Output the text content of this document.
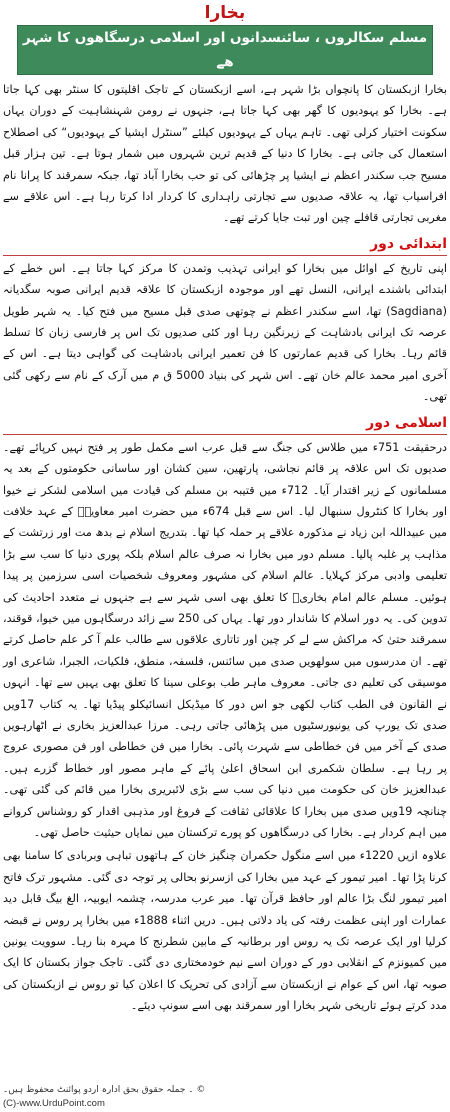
بخارا
مسلم سکالروں ، سائنسدانوں اور اسلامی درسگاھوں کا شہر ھے

بخارا ازبکستان کا پانچواں بڑا شہر ہے، اسے ازبکستان کے تاجک اقلیتوں کا سنٹر بھی کہا جاتا ہے۔ بخارا کو یہودیوں کا گھر بھی کہا جاتا ہے، جنہوں نے رومن شہنشاہیت کے دوران یہاں سکونت اختیار کرلی تھی۔ تاہم یہاں کے یہودیوں کیلئے ”سنٹرل ایشیا کے یہودیوں“ کی اصطلاح استعمال کی جاتی ہے۔ بخارا کا دنیا کے قدیم ترین شہروں میں شمار ہوتا ہے۔ تین ہزار قبل مسیح جب سکندر اعظم نے ایشیا پر چڑھائی کی تو حب بخارا آباد تھا، جبکہ سمرقند کا پرانا نام افراسیاب تھا، یہ علاقہ صدیوں سے تجارتی راہداری کا کردار ادا کرتا رہا ہے۔ اس علاقے سے مغربی تجارتی قافلے چین اور تبت جایا کرتے تھے۔

ابتدائی دور

اپنی تاریخ کے اوائل میں بخارا کو ایرانی تہذیب وتمدن کا مرکز کہا جاتا ہے۔ اس خطے کے ابتدائی باشندے ایرانی، النسل تھے اور موجودہ ازبکستان کا علاقہ قدیم ایرانی صوبہ سگدیانہ (Sagdiana) تھا، اسے سکندر اعظم نے چوتھی صدی قبل مسیح میں فتح کیا۔ یہ شہر طویل عرصہ تک ایرانی بادشاہت کے زیرنگین رہا اور کئی صدیوں تک اس پر فارسی زبان کا تسلط قائم رہا۔ بخارا کی قدیم عمارتوں کا فن تعمیر ایرانی بادشاہت کی گواہی دیتا ہے۔ اس کے آخری امیر محمد عالم خان تھے۔ اس شہر کی بنیاد 5000 ق م میں آرک کے نام سے رکھی گئی تھی۔

اسلامی دور

درحقیقت 751ء میں طلاس کی جنگ سے قبل عرب اسے مکمل طور پر فتح نہیں کرپائے تھے۔ صدیوں تک اس علاقہ پر قائم نجاشی، پارتھین، سین کشان اور ساسانی حکومتوں کے بعد یہ مسلمانوں کے زیر اقتدار آیا۔ 712ء میں قتیبہ بن مسلم کی قیادت میں اسلامی لشکر نے خیوا اور بخارا کا کنٹرول سنبھال لیا۔ اس سے قبل 674ء میں حضرت امیر معاویہؓ کے عہد خلافت میں عبیداللہ ابن زیاد نے مذکورہ علاقے پر حملہ کیا تھا۔ بتدریج اسلام نے بدھ مت اور زرتشت کے مذاہب پر غلبہ پالیا۔ مسلم دور میں بخارا نہ صرف عالم اسلام بلکہ پوری دنیا کا سب سے بڑا تعلیمی وادبی مرکز کہلایا۔ عالم اسلام کی مشہور ومعروف شخصیات اسی سرزمین پر پیدا ہوئیں۔ مسلم عالم امام بخاریؒ کا تعلق بھی اسی شہر سے ہے جنہوں نے متعدد احادیث کی تدوین کی۔ یہ دور اسلام کا شاندار دور تھا۔ یہاں کی 250 سے زائد درسگاہوں میں خیوا، قوقند، سمرقند حتیٰ کہ مراکش سے لے کر چین اور تاتاری علاقوں سے طالب علم آ کر علم حاصل کرتے تھے۔ ان مدرسوں میں سولھویں صدی میں سائنس، فلسفہ، منطق، فلکیات، الجبرا، شاعری اور موسیقی کی تعلیم دی جاتی۔ معروف ماہر طب بوعلی سینا کا تعلق بھی یہیں سے تھا۔ انہوں نے القانون فی الطب کتاب لکھی جو اس دور کا میڈیکل انسائیکلو پیڈیا تھا۔ یہ کتاب 17ویں صدی تک یورپ کی یونیورسٹیوں میں پڑھائی جاتی رہی۔ مرزا عبدالعزیز بخاری نے اٹھارہویں صدی کے آخر میں فن خطاطی سے شہرت پائی۔ بخارا میں فن خطاطی اور فن مصوری عروج پر رہا ہے۔ سلطان شکمری ابن اسحاق اعلیٰ پائے کے ماہر مصور اور خطاط گزرے ہیں۔ عبدالعزیز خان کی حکومت میں دنیا کی سب سے بڑی لائبریری بخارا میں قائم کی گئی تھی۔ چنانچہ 19ویں صدی میں بخارا کا علاقائی ثقافت کے فروغ اور مذہبی اقدار کو روشناس کروانے میں اہم کردار ہے۔ بخارا کی درسگاھوں کو پورے ترکستان میں نمایاں حیثیت حاصل تھی۔

علاوہ ازیں 1220ء میں اسے منگول حکمران چنگیز خان کے ہاتھوں تباہی وبربادی کا سامنا بھی کرنا پڑا تھا۔ امیر تیمور کے عہد میں بخارا کی ازسرنو بحالی پر توجہ دی گئی۔ مشہور ترک فاتح امیر تیمور لنگ بڑا عالم اور حافظ قرآن تھا۔ میر عرب مدرسہ، چشمہ ایوبیہ، الغ بیگ قابل دید عمارات اور اپنی عظمت رفتہ کی یاد دلاتی ہیں۔ دریں اثناء 1888ء میں بخارا پر روس نے قبضہ کرلیا اور ایک عرصہ تک یہ روس اور برطانیہ کے مابین شطرنج کا مہرہ بنا رہا۔ سوویت یونین میں کمیونزم کے انقلابی دور کے دوران اسے نیم خودمختاری دی گئی۔ تاجک جواز بکستان کا ایک صوبہ تھا، اس کے عوام نے ازبکستان سے آزادی کی تحریک کا اعلان کیا تو روس نے ازبکستان کی مدد کرتے ہوئے تاریخی شہر بخارا اور سمرقند بھی اسے سونپ دیئے۔

© ۔ جملہ حقوق بحق ادارہ اردو پوائنٹ محفوظ ہیں۔
(C)-www.UrduPoint.com
